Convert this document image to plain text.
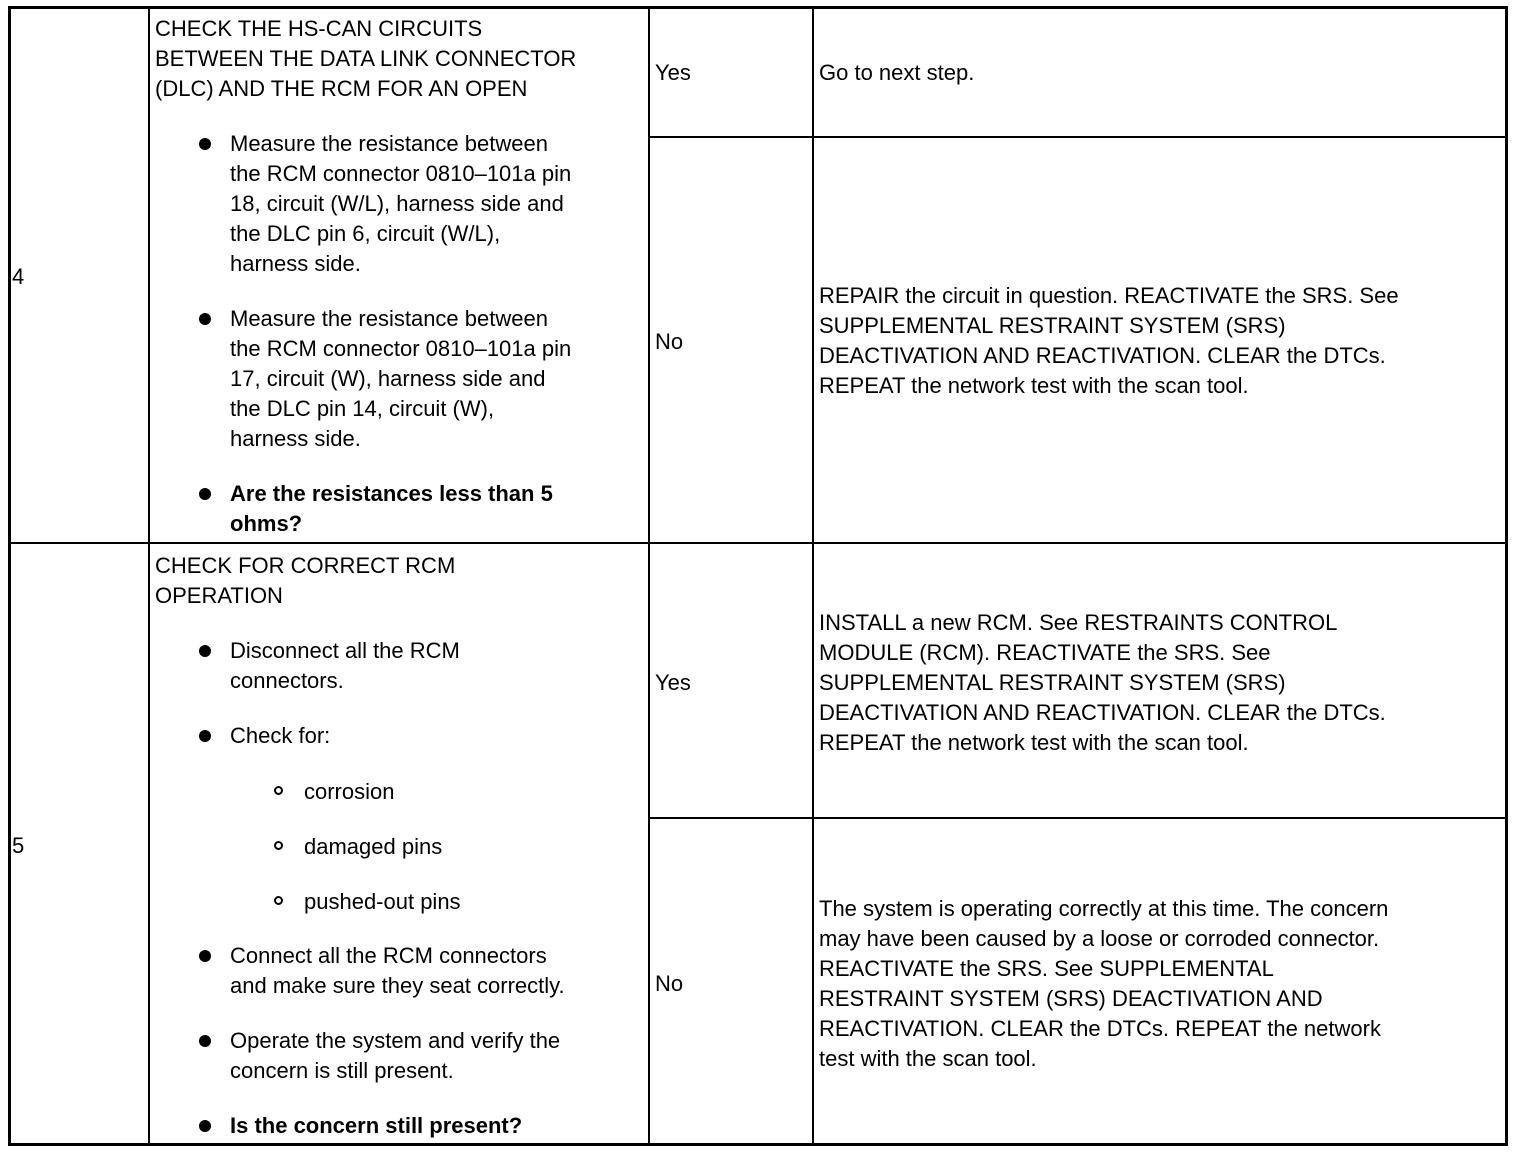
4
CHECK THE HS-CAN CIRCUITS
BETWEEN THE DATA LINK CONNECTOR
(DLC) AND THE RCM FOR AN OPEN
Measure the resistance between
the RCM connector 0810–101a pin
18, circuit (W/L), harness side and
the DLC pin 6, circuit (W/L),
harness side.
Measure the resistance between
the RCM connector 0810–101a pin
17, circuit (W), harness side and
the DLC pin 14, circuit (W),
harness side.
Are the resistances less than 5
ohms?
Yes	Go to next step.
No
REPAIR the circuit in question. REACTIVATE the SRS. See
SUPPLEMENTAL RESTRAINT SYSTEM (SRS)
DEACTIVATION AND REACTIVATION. CLEAR the DTCs.
REPEAT the network test with the scan tool.
5
CHECK FOR CORRECT RCM
OPERATION
Disconnect all the RCM
connectors.
Check for:
corrosion
damaged pins
pushed-out pins
Connect all the RCM connectors
and make sure they seat correctly.
Operate the system and verify the
concern is still present.
Is the concern still present?
Yes
INSTALL a new RCM. See RESTRAINTS CONTROL
MODULE (RCM). REACTIVATE the SRS. See
SUPPLEMENTAL RESTRAINT SYSTEM (SRS)
DEACTIVATION AND REACTIVATION. CLEAR the DTCs.
REPEAT the network test with the scan tool.
No
The system is operating correctly at this time. The concern
may have been caused by a loose or corroded connector.
REACTIVATE the SRS. See SUPPLEMENTAL
RESTRAINT SYSTEM (SRS) DEACTIVATION AND
REACTIVATION. CLEAR the DTCs. REPEAT the network
test with the scan tool.
